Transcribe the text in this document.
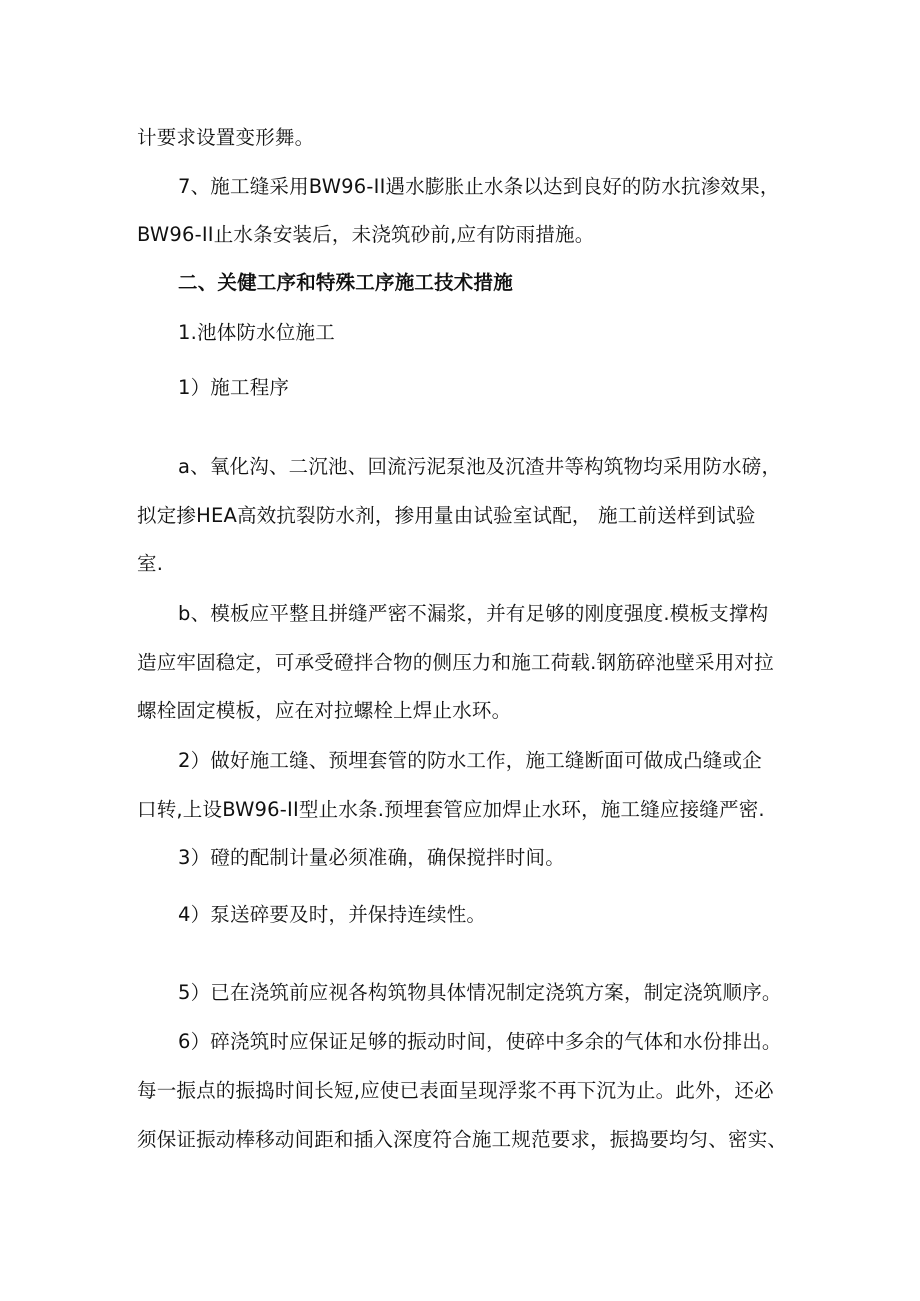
计要求设置变形舞。
7、施工缝采用BW96-II遇水膨胀止水条以达到良好的防水抗渗效果，
BW96-II止水条安装后，未浇筑砂前,应有防雨措施。
二、关健工序和特殊工序施工技术措施
1.池体防水位施工
1）施工程序
a、氧化沟、二沉池、回流污泥泵池及沉渣井等构筑物均采用防水磅，
拟定掺HEA高效抗裂防水剂，掺用量由试验室试配， 施工前送样到试验
室.
b、模板应平整且拼缝严密不漏浆，并有足够的刚度强度.模板支撑构
造应牢固稳定，可承受磴拌合物的侧压力和施工荷载.钢筋碎池壁采用对拉
螺栓固定模板，应在对拉螺栓上焊止水环。
2）做好施工缝、预埋套管的防水工作，施工缝断面可做成凸缝或企
口转,上设BW96-II型止水条.预埋套管应加焊止水环，施工缝应接缝严密.
3）磴的配制计量必须准确，确保搅拌时间。
4）泵送碎要及时，并保持连续性。
5）已在浇筑前应视各构筑物具体情况制定浇筑方案，制定浇筑顺序。
6）碎浇筑时应保证足够的振动时间，使碎中多余的气体和水份排出。
每一振点的振捣时间长短,应使已表面呈现浮浆不再下沉为止。此外，还必
须保证振动棒移动间距和插入深度符合施工规范要求，振捣要均匀、密实、
